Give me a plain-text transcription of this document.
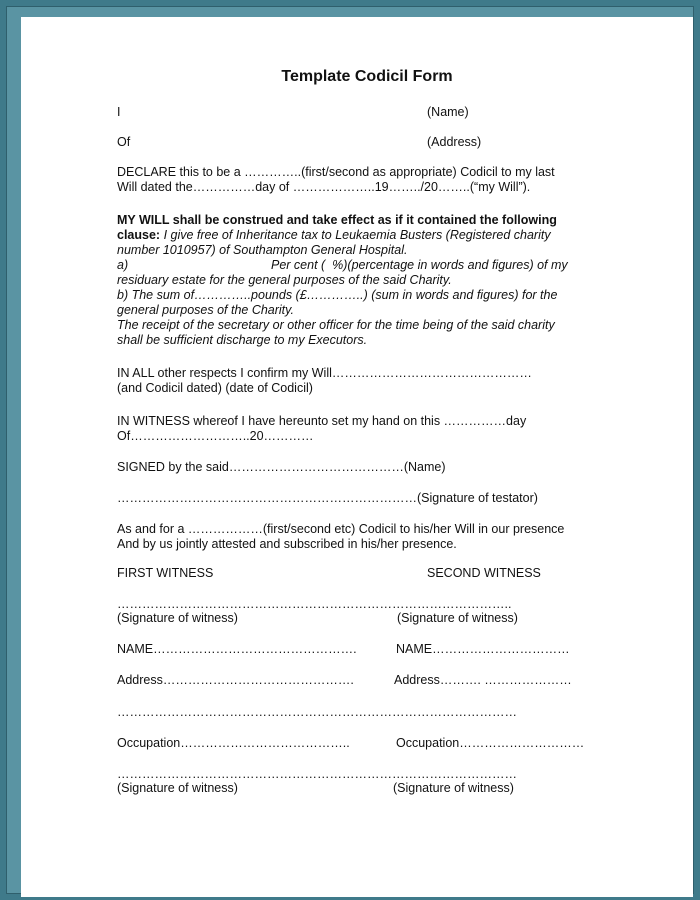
Template Codicil Form
I	(Name)
Of	(Address)
DECLARE this to be a …………..(first/second as appropriate) Codicil to my last
Will dated the……………day of ………………..19……../20……..(“my Will”).
MY WILL shall be construed and take effect as if it contained the following
clause: I give free of Inheritance tax to Leukaemia Busters (Registered charity
number 1010957) of Southampton General Hospital.
a)	Per cent (  %)(percentage in words and figures) of my
residuary estate for the general purposes of the said Charity.
b) The sum of…………..pounds (£…………..) (sum in words and figures) for the
general purposes of the Charity.
The receipt of the secretary or other officer for the time being of the said charity
shall be sufficient discharge to my Executors.
IN ALL other respects I confirm my Will…………………………………………
(and Codicil dated) (date of Codicil)
IN WITNESS whereof I have hereunto set my hand on this ……………day
Of………………………..20…………
SIGNED by the said……………………………………(Name)
………………………………………………………………(Signature of testator)
As and for a ………………(first/second etc) Codicil to his/her Will in our presence
And by us jointly attested and subscribed in his/her presence.
FIRST WITNESS	SECOND WITNESS
…………………………………………………………………………………..
(Signature of witness)	(Signature of witness)
NAME………………………………………….	NAME……………………………
Address……………………………………….	Address………. …………………
……………………………………………………………………………………
Occupation…………………………………..	Occupation…………………………
……………………………………………………………………………………
(Signature of witness)	(Signature of witness)
